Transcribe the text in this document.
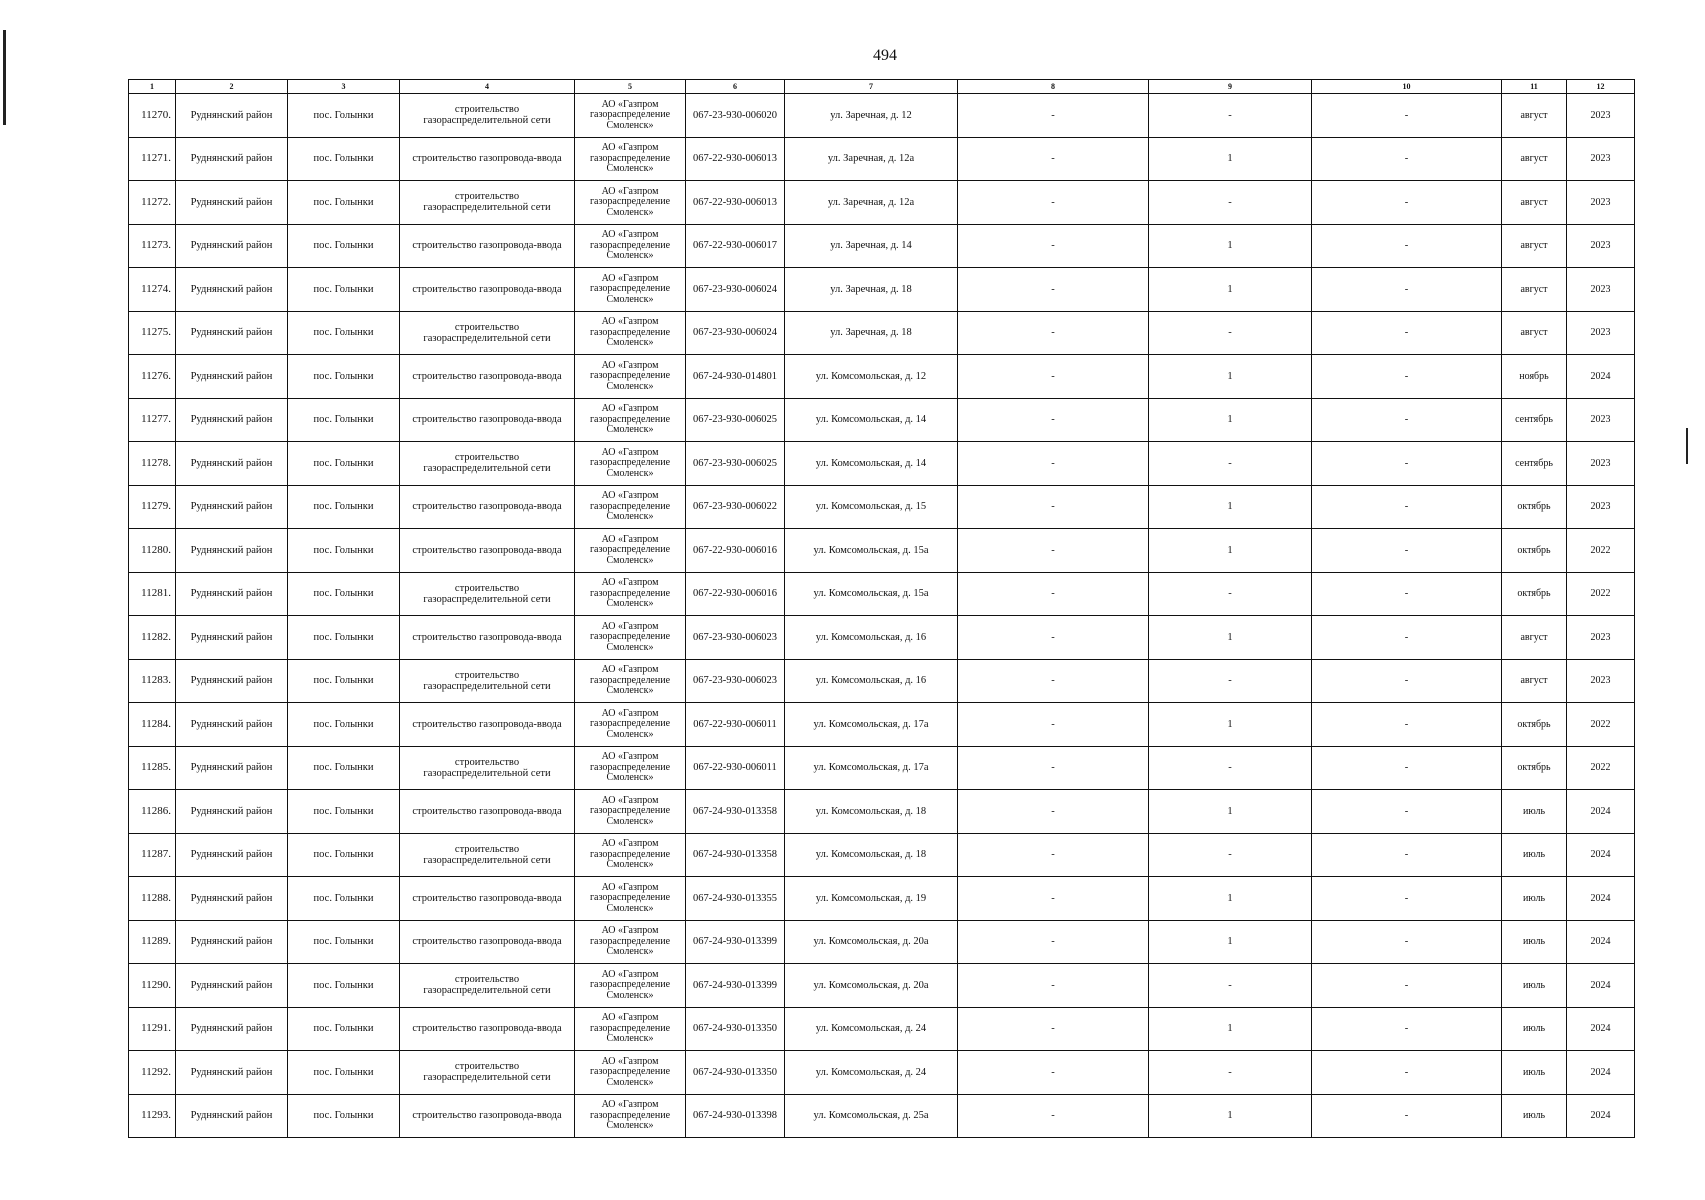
494
1	2	3	4	5	6	7	8	9	10	11	12
11270.	Руднянский район	пос. Голынки	строительство газораспределительной сети	АО «Газпром газораспределение Смоленск»	067-23-930-006020	ул. Заречная, д. 12	-	-	-	август	2023
11271.	Руднянский район	пос. Голынки	строительство газопровода-ввода	АО «Газпром газораспределение Смоленск»	067-22-930-006013	ул. Заречная, д. 12а	-	1	-	август	2023
11272.	Руднянский район	пос. Голынки	строительство газораспределительной сети	АО «Газпром газораспределение Смоленск»	067-22-930-006013	ул. Заречная, д. 12а	-	-	-	август	2023
11273.	Руднянский район	пос. Голынки	строительство газопровода-ввода	АО «Газпром газораспределение Смоленск»	067-22-930-006017	ул. Заречная, д. 14	-	1	-	август	2023
11274.	Руднянский район	пос. Голынки	строительство газопровода-ввода	АО «Газпром газораспределение Смоленск»	067-23-930-006024	ул. Заречная, д. 18	-	1	-	август	2023
11275.	Руднянский район	пос. Голынки	строительство газораспределительной сети	АО «Газпром газораспределение Смоленск»	067-23-930-006024	ул. Заречная, д. 18	-	-	-	август	2023
11276.	Руднянский район	пос. Голынки	строительство газопровода-ввода	АО «Газпром газораспределение Смоленск»	067-24-930-014801	ул. Комсомольская, д. 12	-	1	-	ноябрь	2024
11277.	Руднянский район	пос. Голынки	строительство газопровода-ввода	АО «Газпром газораспределение Смоленск»	067-23-930-006025	ул. Комсомольская, д. 14	-	1	-	сентябрь	2023
11278.	Руднянский район	пос. Голынки	строительство газораспределительной сети	АО «Газпром газораспределение Смоленск»	067-23-930-006025	ул. Комсомольская, д. 14	-	-	-	сентябрь	2023
11279.	Руднянский район	пос. Голынки	строительство газопровода-ввода	АО «Газпром газораспределение Смоленск»	067-23-930-006022	ул. Комсомольская, д. 15	-	1	-	октябрь	2023
11280.	Руднянский район	пос. Голынки	строительство газопровода-ввода	АО «Газпром газораспределение Смоленск»	067-22-930-006016	ул. Комсомольская, д. 15а	-	1	-	октябрь	2022
11281.	Руднянский район	пос. Голынки	строительство газораспределительной сети	АО «Газпром газораспределение Смоленск»	067-22-930-006016	ул. Комсомольская, д. 15а	-	-	-	октябрь	2022
11282.	Руднянский район	пос. Голынки	строительство газопровода-ввода	АО «Газпром газораспределение Смоленск»	067-23-930-006023	ул. Комсомольская, д. 16	-	1	-	август	2023
11283.	Руднянский район	пос. Голынки	строительство газораспределительной сети	АО «Газпром газораспределение Смоленск»	067-23-930-006023	ул. Комсомольская, д. 16	-	-	-	август	2023
11284.	Руднянский район	пос. Голынки	строительство газопровода-ввода	АО «Газпром газораспределение Смоленск»	067-22-930-006011	ул. Комсомольская, д. 17а	-	1	-	октябрь	2022
11285.	Руднянский район	пос. Голынки	строительство газораспределительной сети	АО «Газпром газораспределение Смоленск»	067-22-930-006011	ул. Комсомольская, д. 17а	-	-	-	октябрь	2022
11286.	Руднянский район	пос. Голынки	строительство газопровода-ввода	АО «Газпром газораспределение Смоленск»	067-24-930-013358	ул. Комсомольская, д. 18	-	1	-	июль	2024
11287.	Руднянский район	пос. Голынки	строительство газораспределительной сети	АО «Газпром газораспределение Смоленск»	067-24-930-013358	ул. Комсомольская, д. 18	-	-	-	июль	2024
11288.	Руднянский район	пос. Голынки	строительство газопровода-ввода	АО «Газпром газораспределение Смоленск»	067-24-930-013355	ул. Комсомольская, д. 19	-	1	-	июль	2024
11289.	Руднянский район	пос. Голынки	строительство газопровода-ввода	АО «Газпром газораспределение Смоленск»	067-24-930-013399	ул. Комсомольская, д. 20а	-	1	-	июль	2024
11290.	Руднянский район	пос. Голынки	строительство газораспределительной сети	АО «Газпром газораспределение Смоленск»	067-24-930-013399	ул. Комсомольская, д. 20а	-	-	-	июль	2024
11291.	Руднянский район	пос. Голынки	строительство газопровода-ввода	АО «Газпром газораспределение Смоленск»	067-24-930-013350	ул. Комсомольская, д. 24	-	1	-	июль	2024
11292.	Руднянский район	пос. Голынки	строительство газораспределительной сети	АО «Газпром газораспределение Смоленск»	067-24-930-013350	ул. Комсомольская, д. 24	-	-	-	июль	2024
11293.	Руднянский район	пос. Голынки	строительство газопровода-ввода	АО «Газпром газораспределение Смоленск»	067-24-930-013398	ул. Комсомольская, д. 25а	-	1	-	июль	2024
